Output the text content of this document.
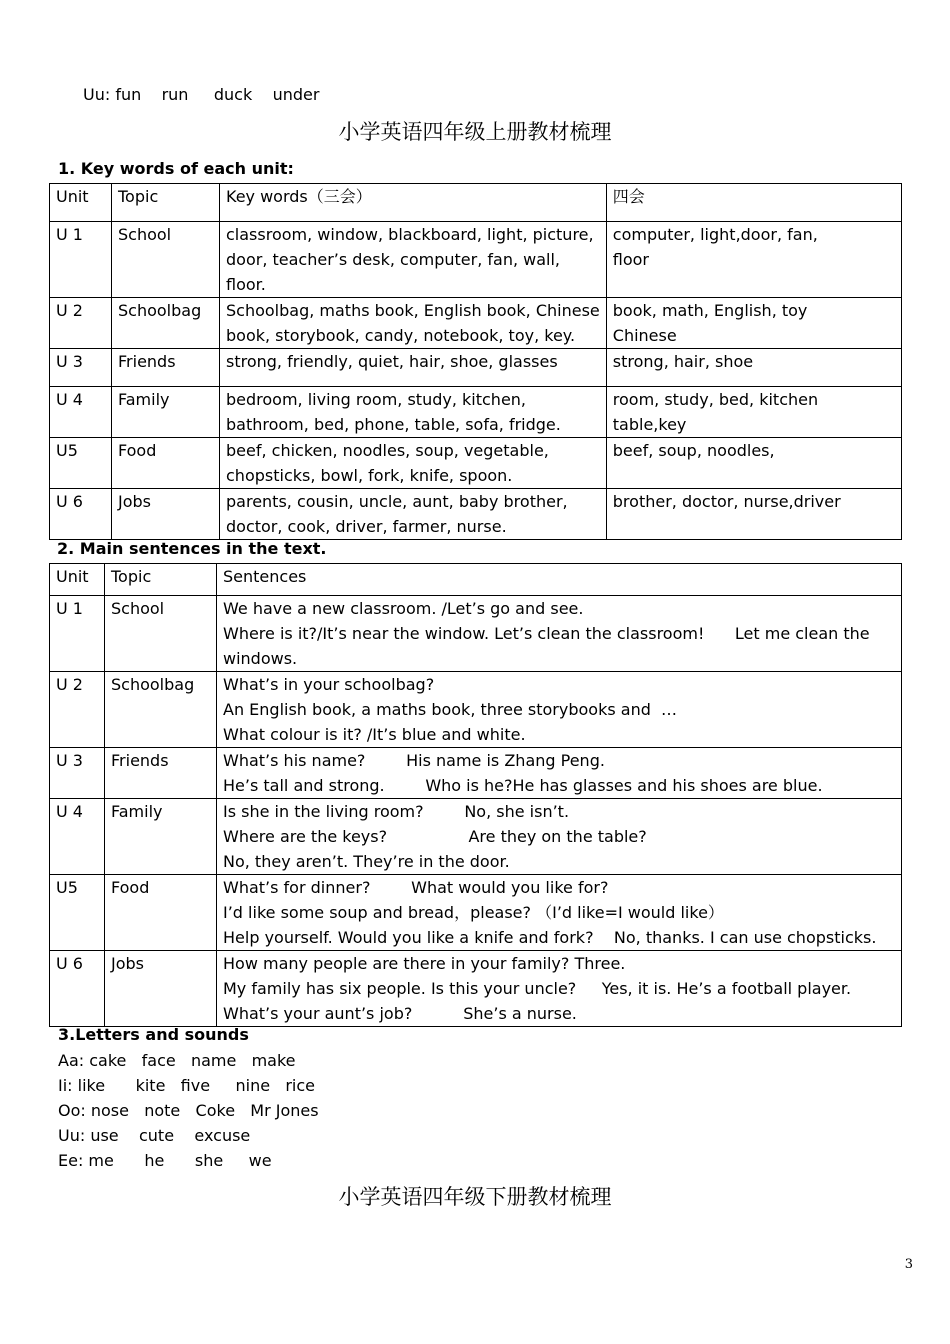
Uu: fun    run     duck    under
小学英语四年级上册教材梳理
1. Key words of each unit:
Unit	Topic	Key words（三会）	四会

U 1	School	classroom, window, blackboard, light, picture,
door, teacher’s desk, computer, fan, wall,
floor.	computer, light,door, fan,
floor

U 2	Schoolbag	Schoolbag, maths book, English book, Chinese
book, storybook, candy, notebook, toy, key.	book, math, English, toy
Chinese

U 3	Friends	strong, friendly, quiet, hair, shoe, glasses	strong, hair, shoe

U 4	Family	bedroom, living room, study, kitchen,
bathroom, bed, phone, table, sofa, fridge.	room, study, bed, kitchen
table,key

U5	Food	beef, chicken, noodles, soup, vegetable,
chopsticks, bowl, fork, knife, spoon.	beef, soup, noodles,

U 6	Jobs	parents, cousin, uncle, aunt, baby brother,
doctor, cook, driver, farmer, nurse.	brother, doctor, nurse,driver
2. Main sentences in the text.
Unit	Topic	Sentences

U 1	School	We have a new classroom. /Let’s go and see.
Where is it?/It’s near the window. Let’s clean the classroom!      Let me clean the
windows.

U 2	Schoolbag	What’s in your schoolbag?
An English book, a maths book, three storybooks and  …
What colour is it? /It’s blue and white.

U 3	Friends	What’s his name?        His name is Zhang Peng.
He’s tall and strong.        Who is he?He has glasses and his shoes are blue.

U 4	Family	Is she in the living room?        No, she isn’t.
Where are the keys?                Are they on the table?
No, they aren’t. They’re in the door.

U5	Food	What’s for dinner?        What would you like for?
I’d like some soup and bread，please? （I’d like=I would like）
Help yourself. Would you like a knife and fork?    No, thanks. I can use chopsticks.

U 6	Jobs	How many people are there in your family? Three.
My family has six people. Is this your uncle?     Yes, it is. He’s a football player.
What’s your aunt’s job?          She’s a nurse.
3.Letters and sounds
Aa: cake   face   name   make
Ii: like      kite   five     nine   rice
Oo: nose   note   Coke   Mr Jones
Uu: use    cute    excuse
Ee: me      he      she     we
小学英语四年级下册教材梳理
3
